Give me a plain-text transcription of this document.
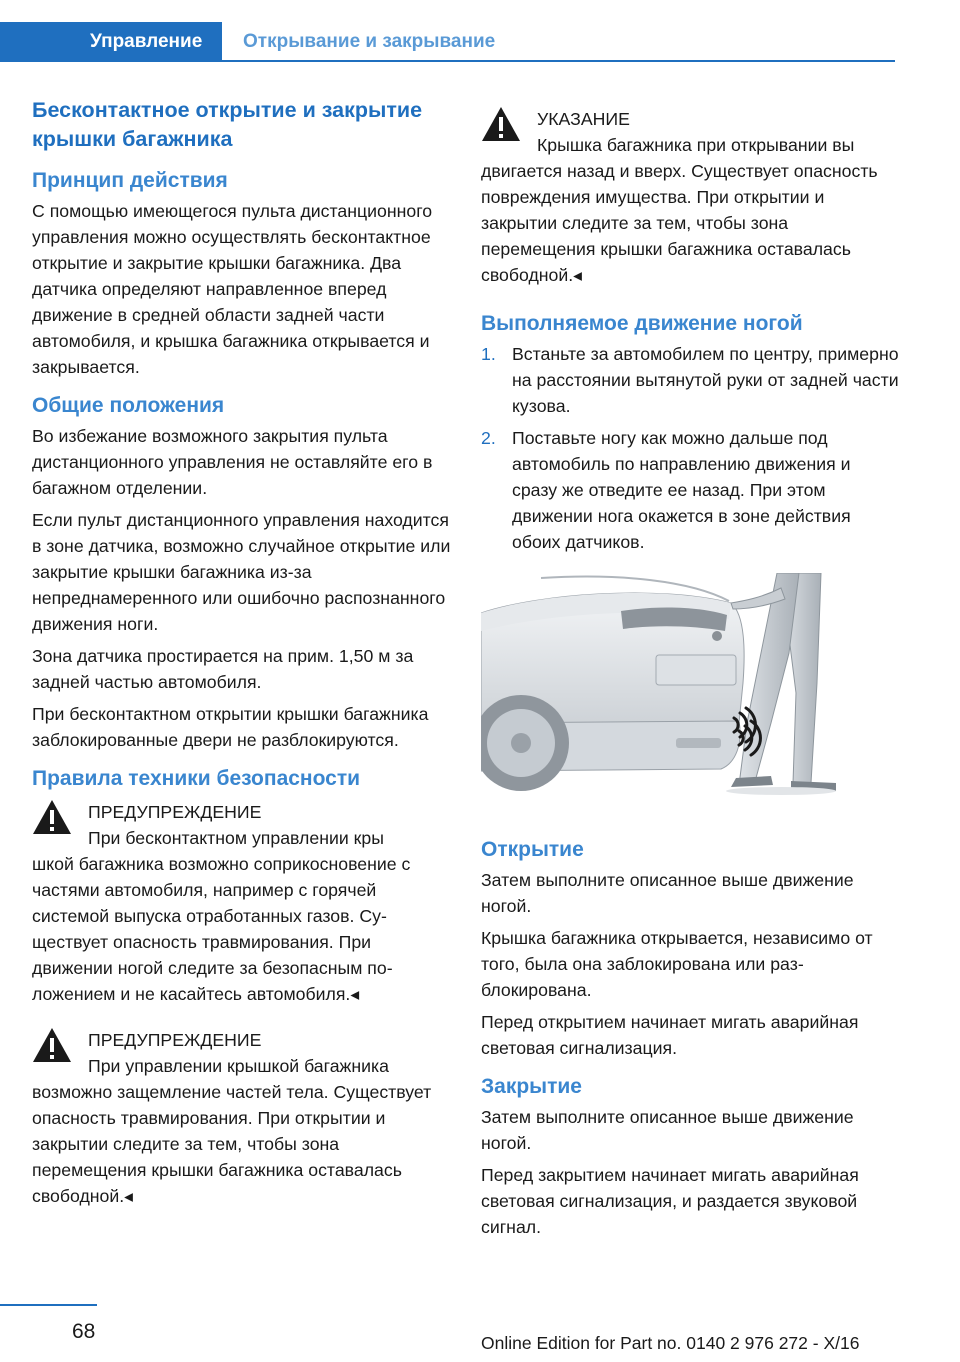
Управление	Открывание и закрывание
Бесконтактное открытие и закрытие крышки багажника
Принцип действия

С помощью имеющегося пульта дистанционного управления можно осуществлять бесконтактное открытие и закрытие крышки багажника. Два датчика определяют направленное вперед движение в средней области задней части автомобиля, и крышка багажника открывается и закрывается.

Общие положения

Во избежание возможного закрытия пульта дистанционного управления не оставляйте его в багажном отделении.

Если пульт дистанционного управления находится в зоне датчика, возможно случайное открытие или закрытие крышки багажника из-за непреднамеренного или ошибочно распознанного движения ноги.

Зона датчика простирается на прим. 1,50 м за задней частью автомобиля.

При бесконтактном открытии крышки багажника заблокированные двери не разблокируются.

Правила техники безопасности
ПРЕДУПРЕЖДЕНИЕ
При бесконтактном управлении кры
шкой багажника возможно соприкосновение с частями автомобиля, например с горячей системой выпуска отработанных газов. Существует опасность травмирования. При движении ногой следите за безопасным положением и не касайтесь автомобиля.◂
ПРЕДУПРЕЖДЕНИЕ
При управлении крышкой багажника
возможно защемление частей тела. Существует опасность травмирования. При открытии и закрытии следите за тем, чтобы зона перемещения крышки багажника оставалась свободной.◂
УКАЗАНИЕ
Крышка багажника при открывании вы
двигается назад и вверх. Существует опасность повреждения имущества. При открытии и закрытии следите за тем, чтобы зона перемещения крышки багажника оставалась свободной.◂
Выполняемое движение ногой
1. Встаньте за автомобилем по центру, примерно на расстоянии вытянутой руки от задней части кузова.
2. Поставьте ногу как можно дальше под автомобиль по направлению движения и сразу же отведите ее назад. При этом движении нога окажется в зоне действия обоих датчиков.
Открытие

Затем выполните описанное выше движение ногой.

Крышка багажника открывается, независимо от того, была она заблокирована или разблокирована.

Перед открытием начинает мигать аварийная световая сигнализация.

Закрытие

Затем выполните описанное выше движение ногой.

Перед закрытием начинает мигать аварийная световая сигнализация, и раздается звуковой сигнал.

68	Online Edition for Part no. 0140 2 976 272 - X/16
